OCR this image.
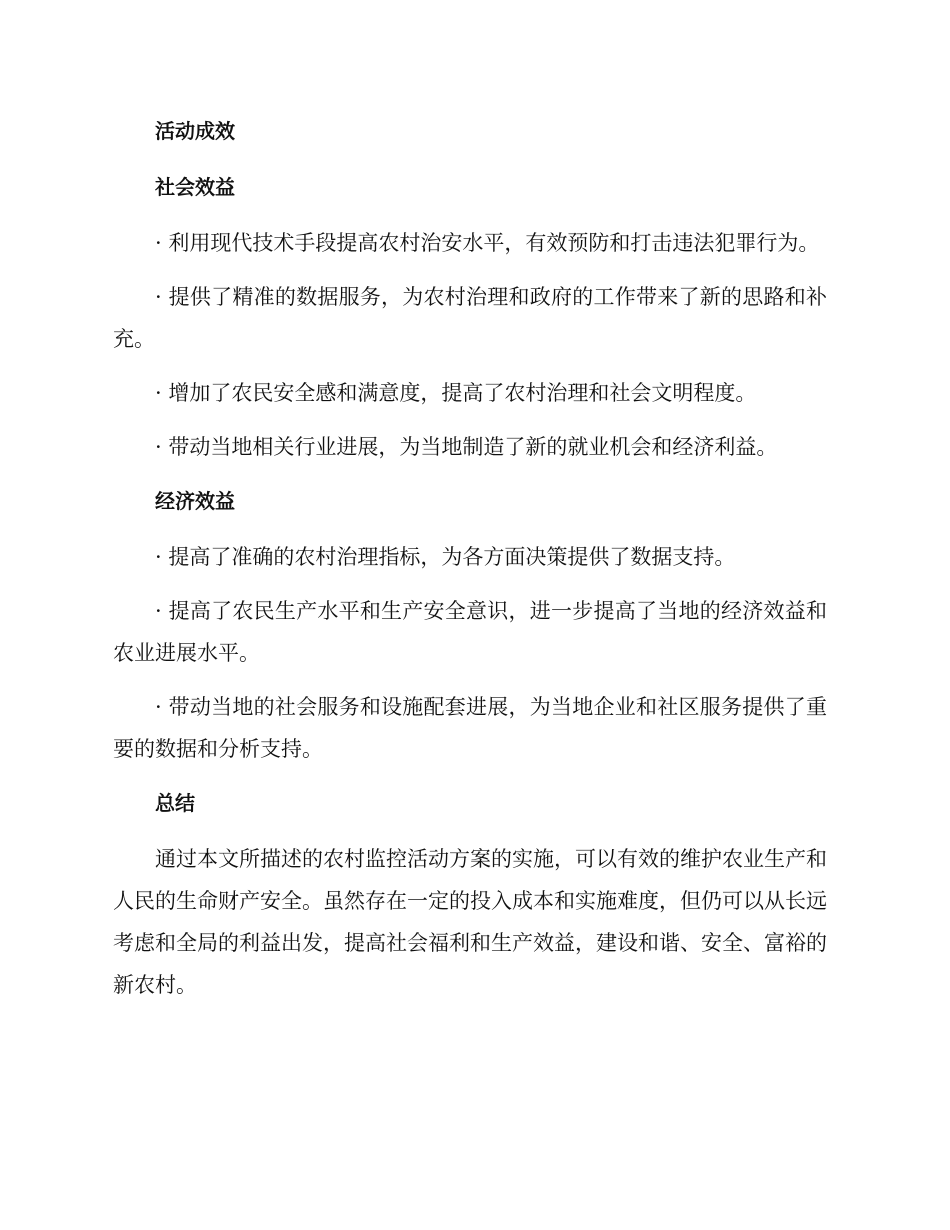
活动成效
社会效益
· 利用现代技术手段提高农村治安水平，有效预防和打击违法犯罪行为。
· 提供了精准的数据服务，为农村治理和政府的工作带来了新的思路和补充。
· 增加了农民安全感和满意度，提高了农村治理和社会文明程度。
· 带动当地相关行业进展，为当地制造了新的就业机会和经济利益。
经济效益
· 提高了准确的农村治理指标，为各方面决策提供了数据支持。
· 提高了农民生产水平和生产安全意识，进一步提高了当地的经济效益和农业进展水平。
· 带动当地的社会服务和设施配套进展，为当地企业和社区服务提供了重要的数据和分析支持。
总结
通过本文所描述的农村监控活动方案的实施，可以有效的维护农业生产和人民的生命财产安全。虽然存在一定的投入成本和实施难度，但仍可以从长远考虑和全局的利益出发，提高社会福利和生产效益，建设和谐、安全、富裕的新农村。
